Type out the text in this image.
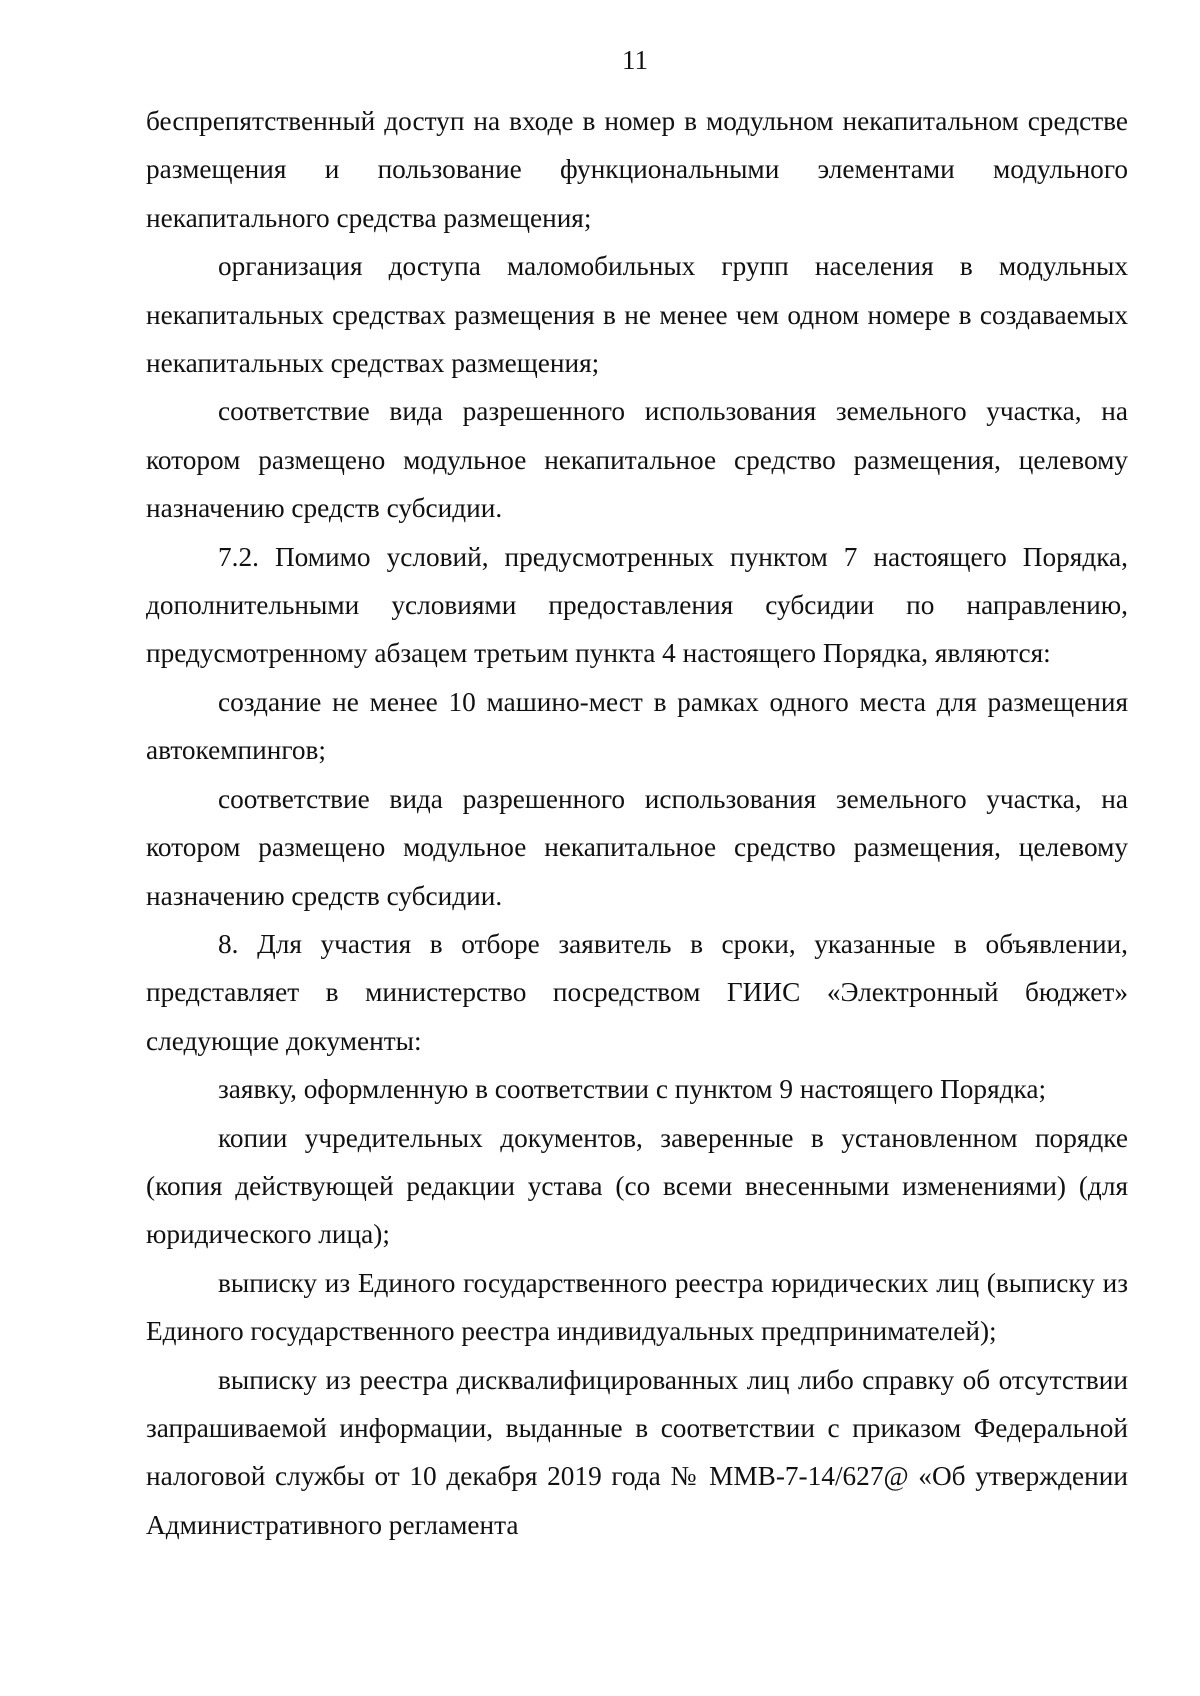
11

беспрепятственный доступ на входе в номер в модульном некапитальном средстве размещения и пользование функциональными элементами модульного некапитального средства размещения;

организация доступа маломобильных групп населения в модульных некапитальных средствах размещения в не менее чем одном номере в создаваемых некапитальных средствах размещения;

соответствие вида разрешенного использования земельного участка, на котором размещено модульное некапитальное средство размещения, целевому назначению средств субсидии.

7.2. Помимо условий, предусмотренных пунктом 7 настоящего Порядка, дополнительными условиями предоставления субсидии по направлению, предусмотренному абзацем третьим пункта 4 настоящего Порядка, являются:

создание не менее 10 машино-мест в рамках одного места для размещения автокемпингов;

соответствие вида разрешенного использования земельного участка, на котором размещено модульное некапитальное средство размещения, целевому назначению средств субсидии.

8. Для участия в отборе заявитель в сроки, указанные в объявлении, представляет в министерство посредством ГИИС «Электронный бюджет» следующие документы:

заявку, оформленную в соответствии с пунктом 9 настоящего Порядка;

копии учредительных документов, заверенные в установленном порядке (копия действующей редакции устава (со всеми внесенными изменениями) (для юридического лица);

выписку из Единого государственного реестра юридических лиц (выписку из Единого государственного реестра индивидуальных предпринимателей);

выписку из реестра дисквалифицированных лиц либо справку об отсутствии запрашиваемой информации, выданные в соответствии с приказом Федеральной налоговой службы от 10 декабря 2019 года № ММВ-7-14/627@ «Об утверждении Административного регламента
